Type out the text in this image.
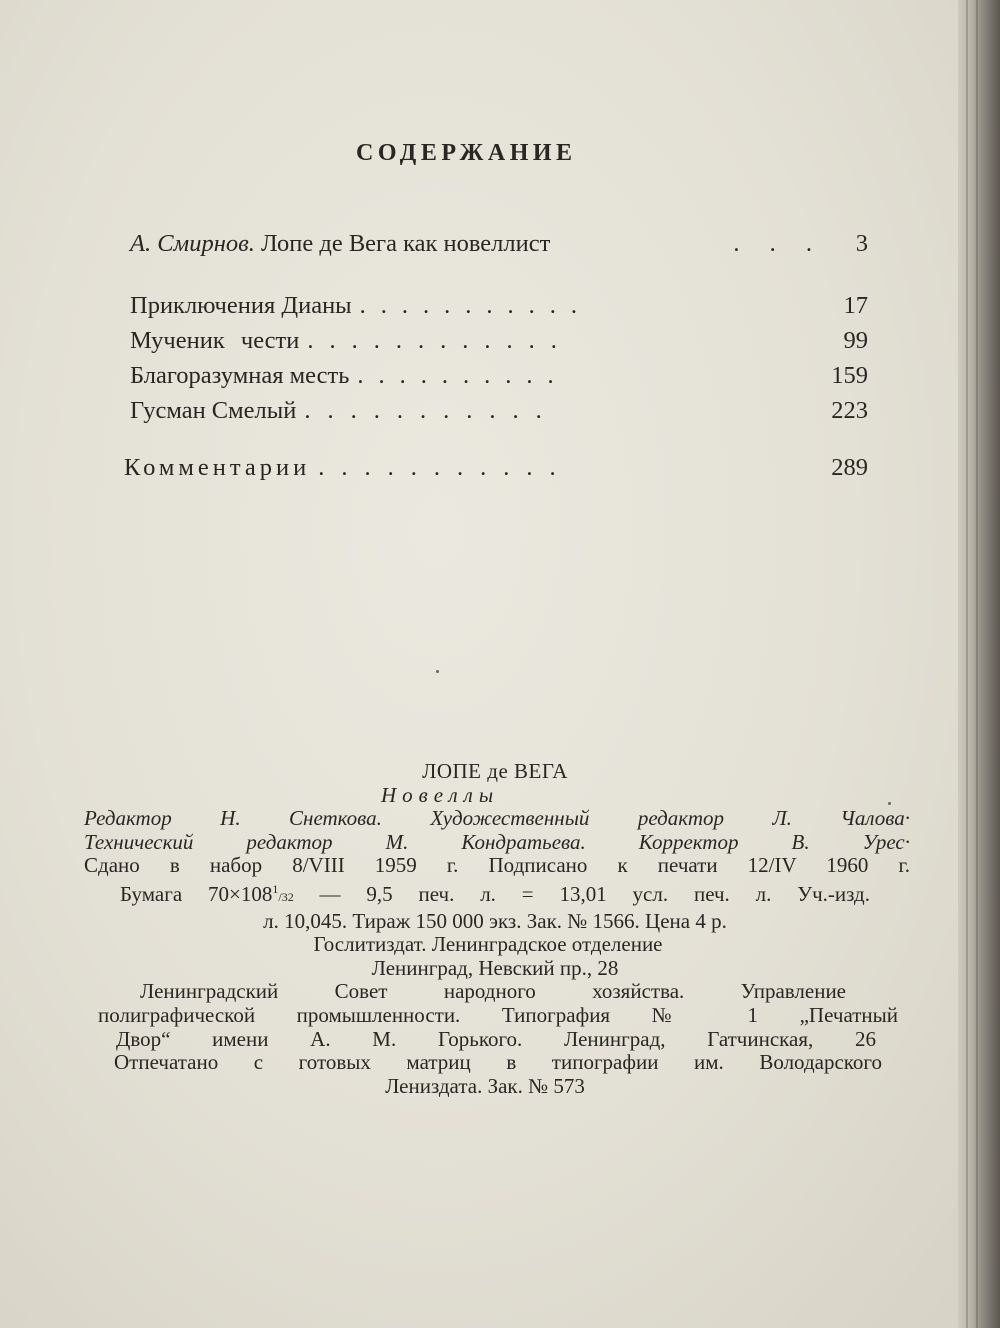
СОДЕРЖАНИЕ
А. Смирнов. Лопе де Вега как новеллист	. . .	3
Приключения Дианы ...........	17
Мученик чести ............	99
Благоразумная месть ..........	159
Гусман Смелый ...........	223
Комментарии ...........	289
ЛОПЕ де ВЕГА
Новеллы
Редактор Н. Снеткова. Художественный редактор Л. Чалова·
Технический редактор М. Кондратьева. Корректор В. Урес·
Сдано в набор 8/VIII 1959 г. Подписано к печати 12/IV 1960 г.
Бумага $70\times 108^1/32$ — 9,5 печ. л. = 13,01 усл. печ. л. Уч.-изд.
л. 10,045. Тираж 150 000 экз. Зак. № 1566. Цена 4 р.
Гослитиздат. Ленинградское отделение
Ленинград, Невский пр., 28
Ленинградский Совет народного хозяйства. Управление
полиграфической промышленности. Типография № 1 „Печатный
Двор“ имени А. М. Горького. Ленинград, Гатчинская, 26
Отпечатано с готовых матриц в типографии им. Володарского
Лениздата. Зак. № 573
